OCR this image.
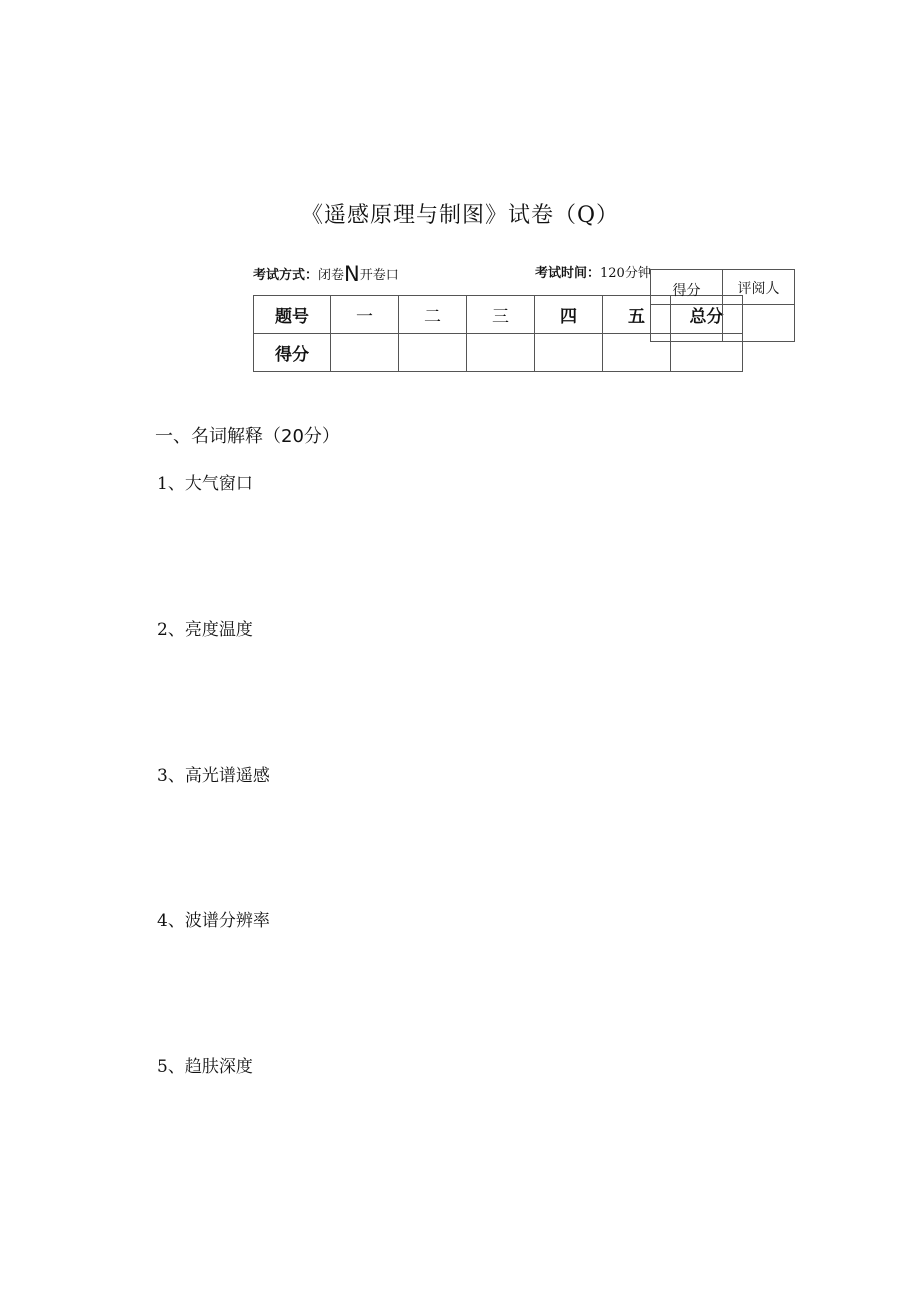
《遥感原理与制图》试卷（Q）
考试方式：闭卷N开卷口	考试时间：120分钟
题号	一	二	三	四	五	总分
得分						
得分	评阅人

一、名词解释（20分）
1、大气窗口
2、亮度温度
3、高光谱遥感
4、波谱分辨率
5、趋肤深度
